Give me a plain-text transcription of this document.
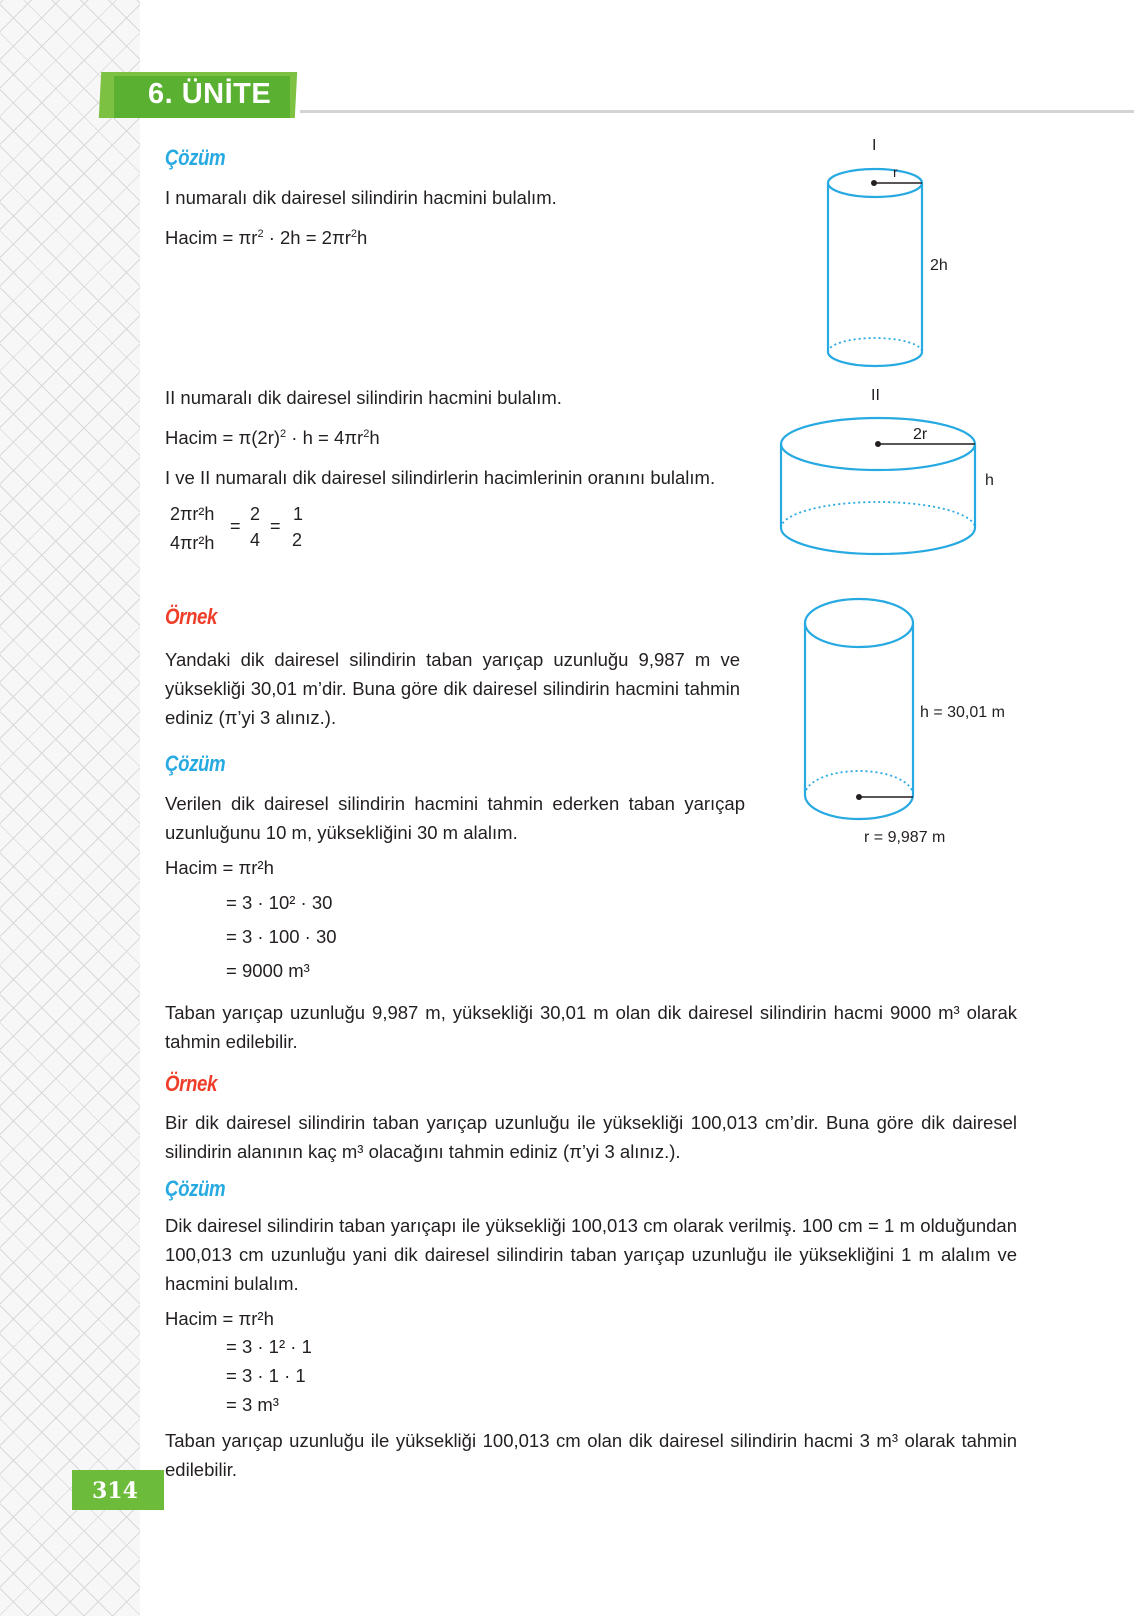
6. ÜNİTE
Çözüm
I numaralı dik dairesel silindirin hacmini bulalım.
Hacim = $\pi r^2 \cdot 2h = 2\pi r^2h$
II numaralı dik dairesel silindirin hacmini bulalım.
Hacim = $\pi(2r)^2 \cdot h = 4\pi r^2h$
I ve II numaralı dik dairesel silindirlerin hacimlerinin oranını bulalım.
2πr²h
4πr²h
=
2
4
=
1
2
Örnek
Yandaki dik dairesel silindirin taban yarıçap uzunluğu 9,987 m ve yüksekliği 30,01 m’dir. Buna göre dik dairesel silindirin hacmini tahmin ediniz (π’yi 3 alınız.).
Çözüm
Verilen dik dairesel silindirin hacmini tahmin ederken taban yarıçap uzunluğunu 10 m, yüksekliğini 30 m alalım.
Hacim = πr²h
= 3 · 10² · 30
= 3 · 100 · 30
= 9000 m³
Taban yarıçap uzunluğu 9,987 m, yüksekliği 30,01 m olan dik dairesel silindirin hacmi 9000 m³ olarak tahmin edilebilir.
Örnek
Bir dik dairesel silindirin taban yarıçap uzunluğu ile yüksekliği 100,013 cm’dir. Buna göre dik dairesel silindirin alanının kaç m³ olacağını tahmin ediniz (π’yi 3 alınız.).
Çözüm
Dik dairesel silindirin taban yarıçapı ile yüksekliği 100,013 cm olarak verilmiş. 100 cm = 1 m olduğundan 100,013 cm uzunluğu yani dik dairesel silindirin taban yarıçap uzunluğu ile yüksekliğini 1 m alalım ve hacmini bulalım.
Hacim = πr²h
= 3 · 1² · 1
= 3 · 1 · 1
= 3 m³
Taban yarıçap uzunluğu ile yüksekliği 100,013 cm olan dik dairesel silindirin hacmi 3 m³ olarak tahmin edilebilir.
314
I
r
2h
II
2r
h
h = 30,01 m
r = 9,987 m
